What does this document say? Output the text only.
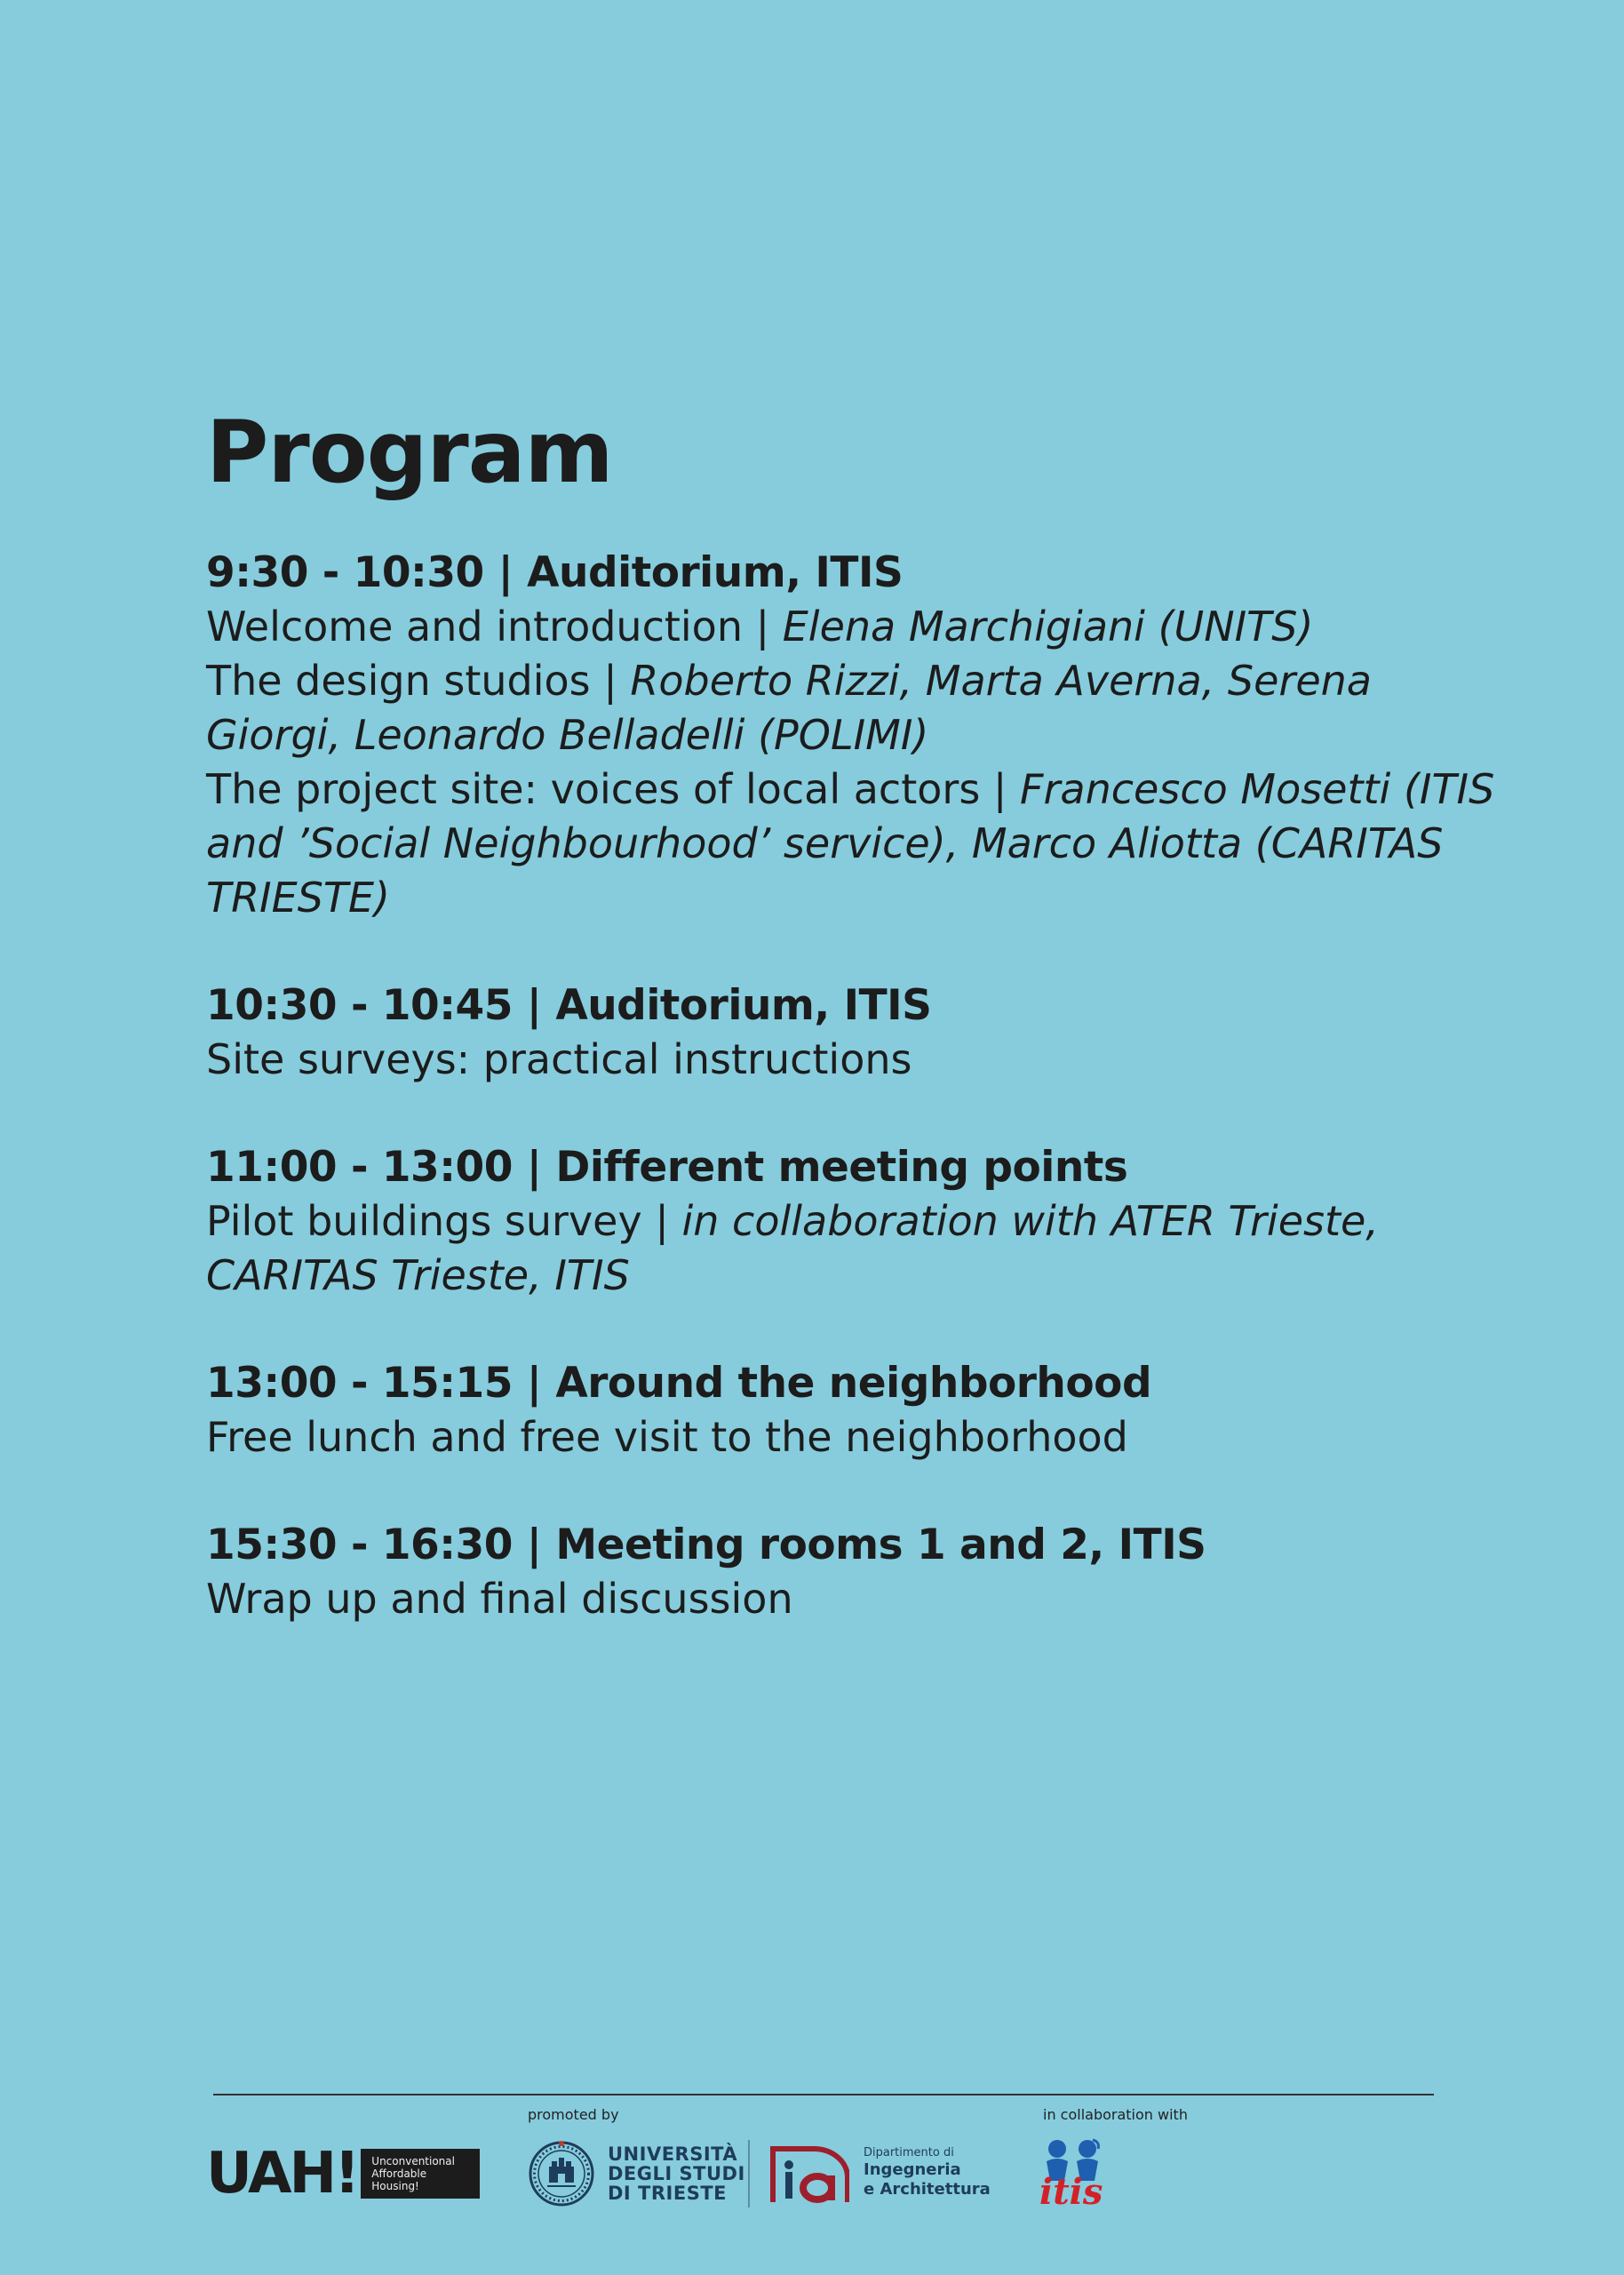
Program
9:30 - 10:30 | Auditorium, ITIS
Welcome and introduction | Elena Marchigiani (UNITS)
The design studios | Roberto Rizzi, Marta Averna, Serena Giorgi, Leonardo Belladelli (POLIMI)
The project site: voices of local actors | Francesco Mosetti (ITIS and ’Social Neighbourhood’ service), Marco Aliotta (CARITAS TRIESTE)
10:30 - 10:45 | Auditorium, ITIS
Site surveys: practical instructions
11:00 - 13:00 | Different meeting points
Pilot buildings survey | in collaboration with ATER Trieste, CARITAS Trieste, ITIS
13:00 - 15:15 | Around the neighborhood
Free lunch and free visit to the neighborhood
15:30 - 16:30 | Meeting rooms 1 and 2, ITIS
Wrap up and final discussion
promoted by	in collaboration with
UAH! Unconventional
Affordable
Housing!
UNIVERSITÀ
DEGLI STUDI
DI TRIESTE
Dipartimento di
Ingegneria
e Architettura itis
